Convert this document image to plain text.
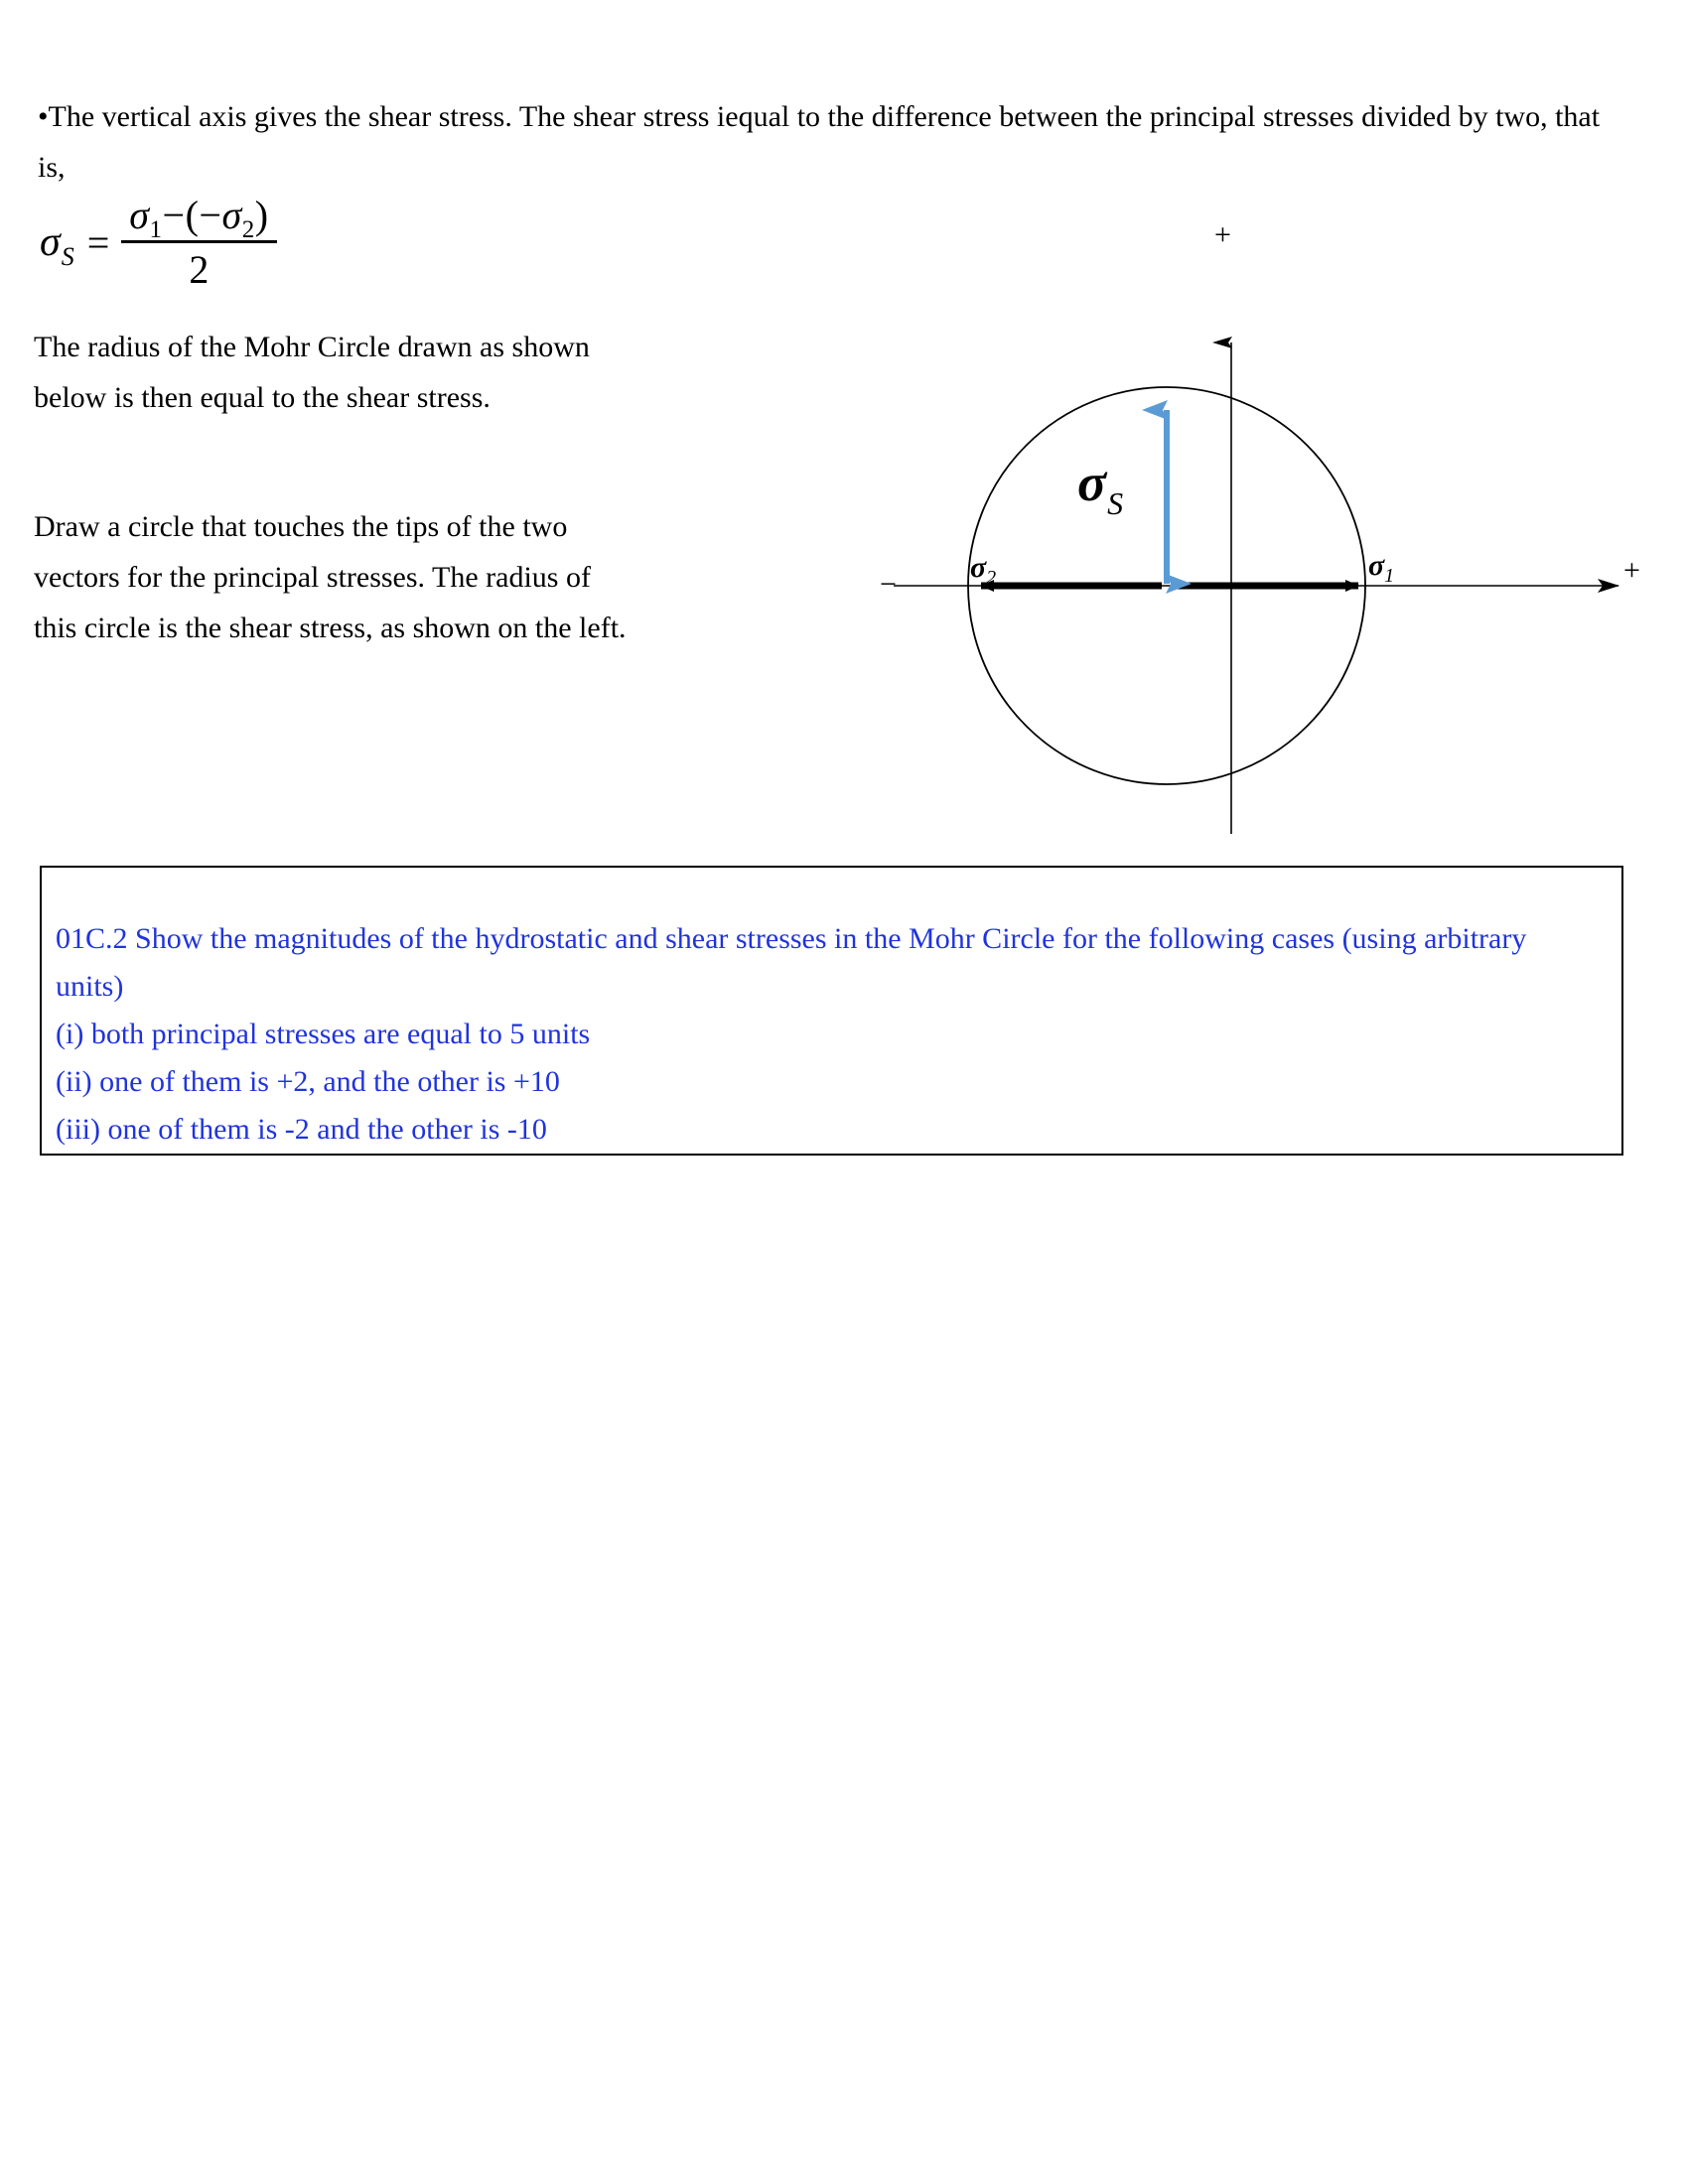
•The vertical axis gives the shear stress. The shear stress iequal to the difference between the principal stresses divided by two, that is,
σ $S = \frac{\sigma_1-(-\sigma_2)}{2}$
The radius of the Mohr Circle drawn as shown below is then equal to the shear stress.
Draw a circle that touches the tips of the two vectors for the principal stresses. The radius of this circle is the shear stress, as shown on the left.
+
+
−
$\sigma_2$	$\sigma_1$
$\sigma_S$
01C.2 Show the magnitudes of the hydrostatic and shear stresses in the Mohr Circle for the following cases (using arbitrary units)
(i) both principal stresses are equal to 5 units
(ii) one of them is +2, and the other is +10
(iii) one of them is -2 and the other is -10
